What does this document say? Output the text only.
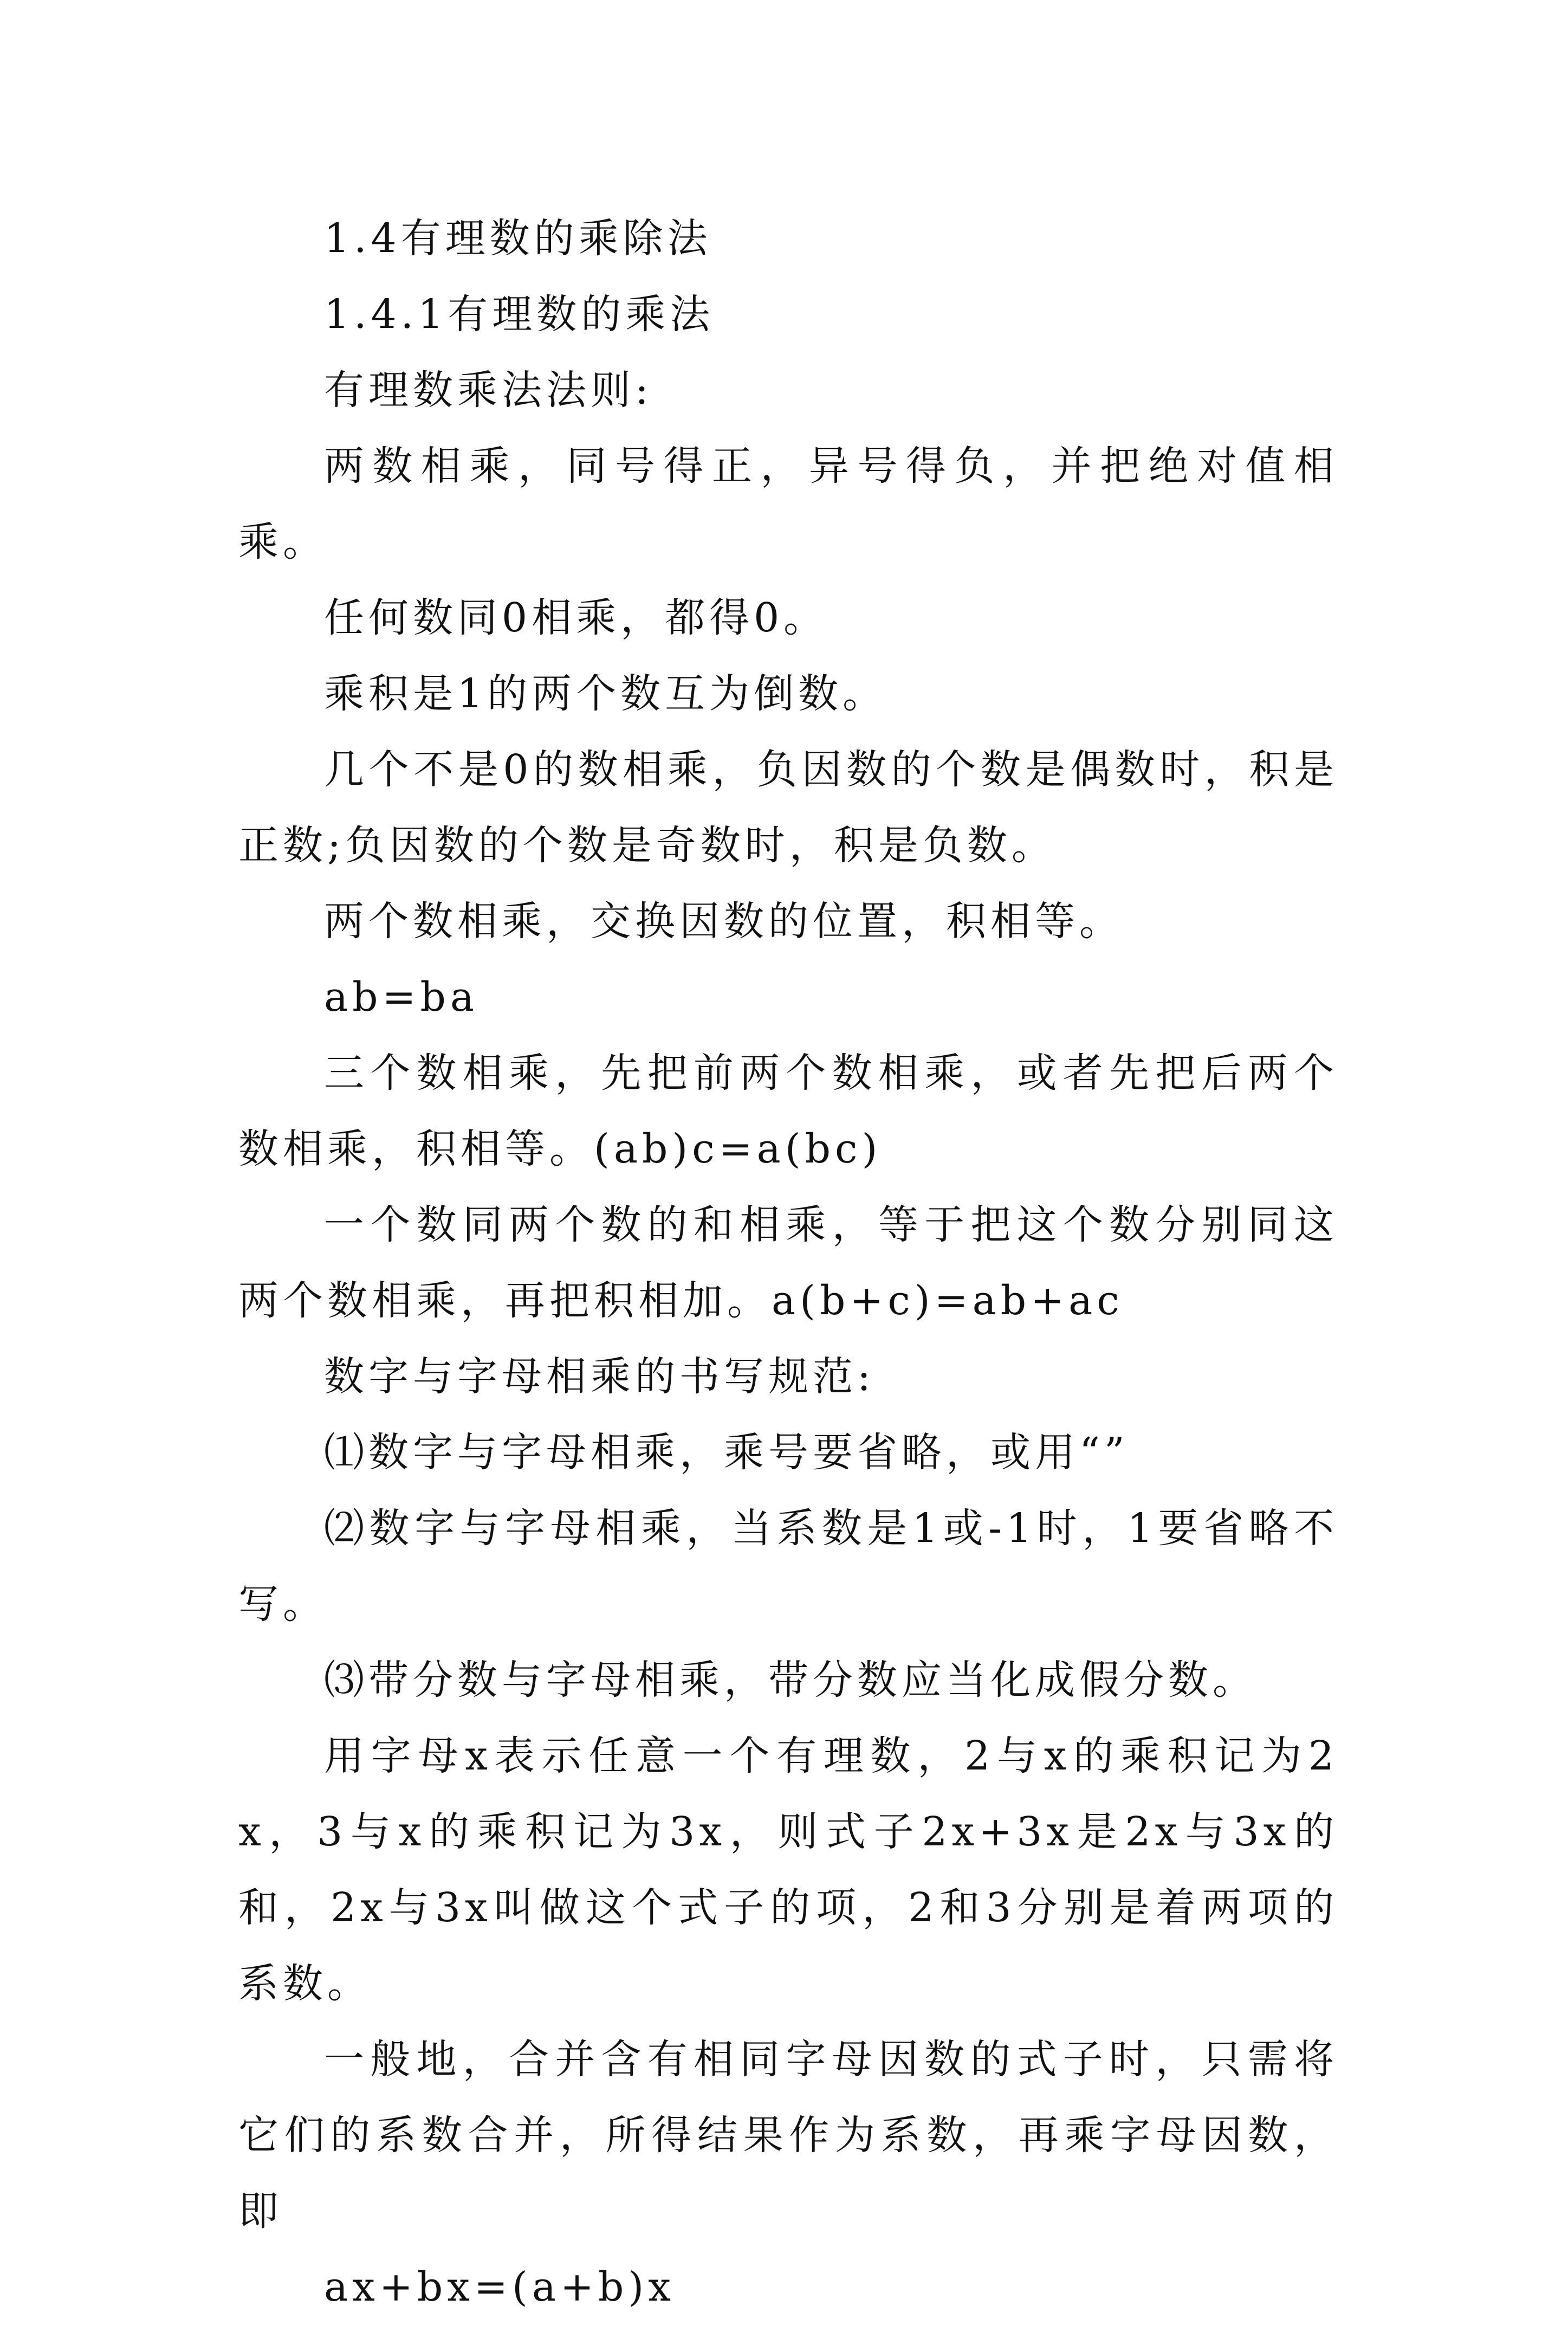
1.4有理数的乘除法

1.4.1有理数的乘法

有理数乘法法则:

两数相乘，同号得正，异号得负，并把绝对值相乘。

任何数同0相乘，都得0。

乘积是1的两个数互为倒数。

几个不是0的数相乘，负因数的个数是偶数时，积是正数;负因数的个数是奇数时，积是负数。

两个数相乘，交换因数的位置，积相等。

ab=ba

三个数相乘，先把前两个数相乘，或者先把后两个数相乘，积相等。(ab)c=a(bc)

一个数同两个数的和相乘，等于把这个数分别同这两个数相乘，再把积相加。a(b+c)=ab+ac

数字与字母相乘的书写规范:

⑴数字与字母相乘，乘号要省略，或用“”

⑵数字与字母相乘，当系数是1或-1时，1要省略不写。

⑶带分数与字母相乘，带分数应当化成假分数。

用字母x表示任意一个有理数，2与x的乘积记为2x，3与x的乘积记为3x，则式子2x+3x是2x与3x的和，2x与3x叫做这个式子的项，2和3分别是着两项的系数。

一般地，合并含有相同字母因数的式子时，只需将它们的系数合并，所得结果作为系数，再乘字母因数，即

ax+bx=(a+b)x
